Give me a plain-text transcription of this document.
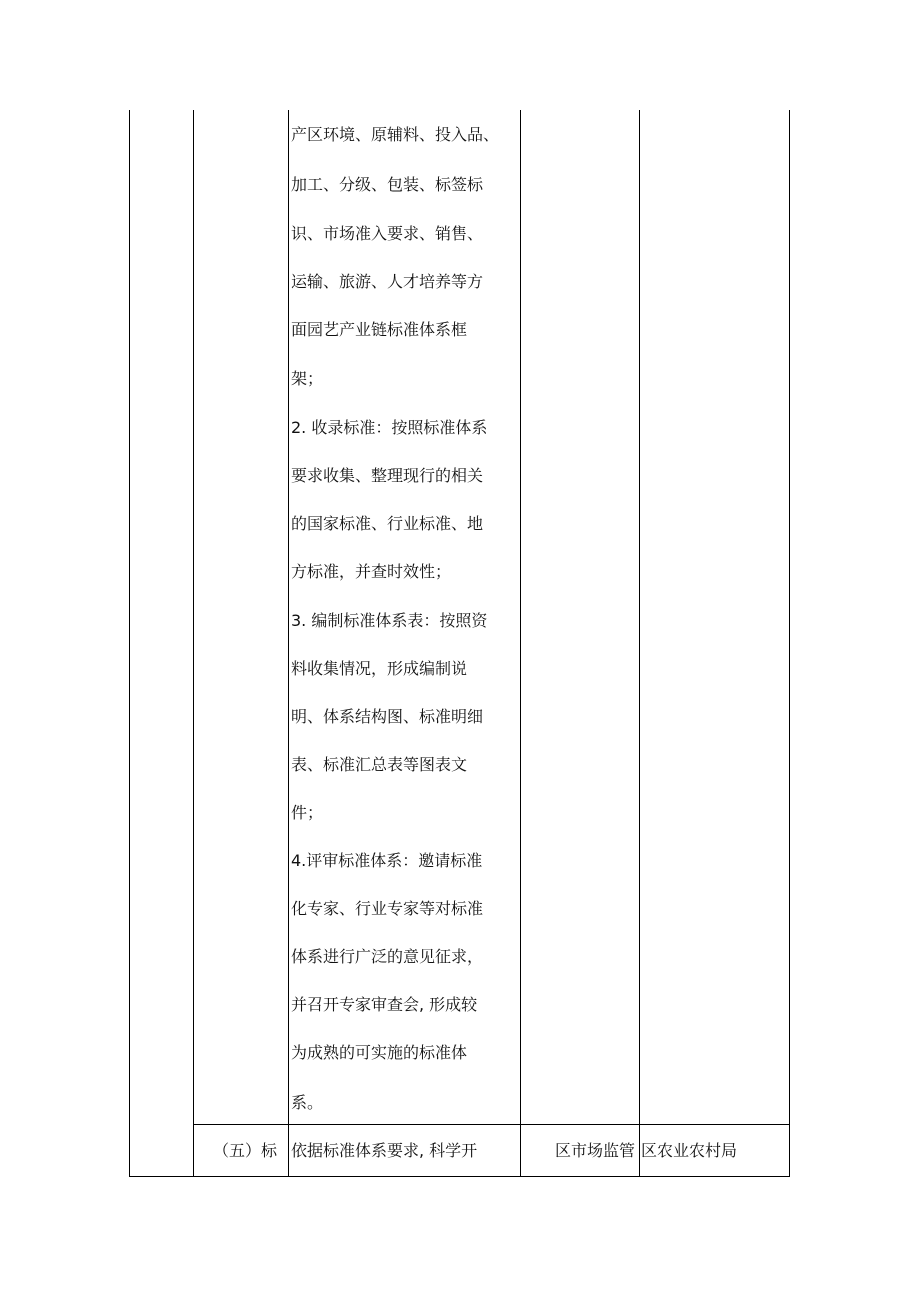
产区环境、原辅料、投入品、
加工、分级、包装、标签标
识、市场准入要求、销售、
运输、旅游、人才培养等方
面园艺产业链标准体系框
架；
2. 收录标准：按照标准体系
要求收集、整理现行的相关
的国家标准、行业标准、地
方标准，并查时效性；
3. 编制标准体系表：按照资
料收集情况，形成编制说
明、体系结构图、标准明细
表、标准汇总表等图表文
件；
4.评审标准体系：邀请标准
化专家、行业专家等对标准
体系进行广泛的意见征求，
并召开专家审查会, 形成较
为成熟的可实施的标准体
系。
（五）标 依据标准体系要求, 科学开	区市场监管 区农业农村局
